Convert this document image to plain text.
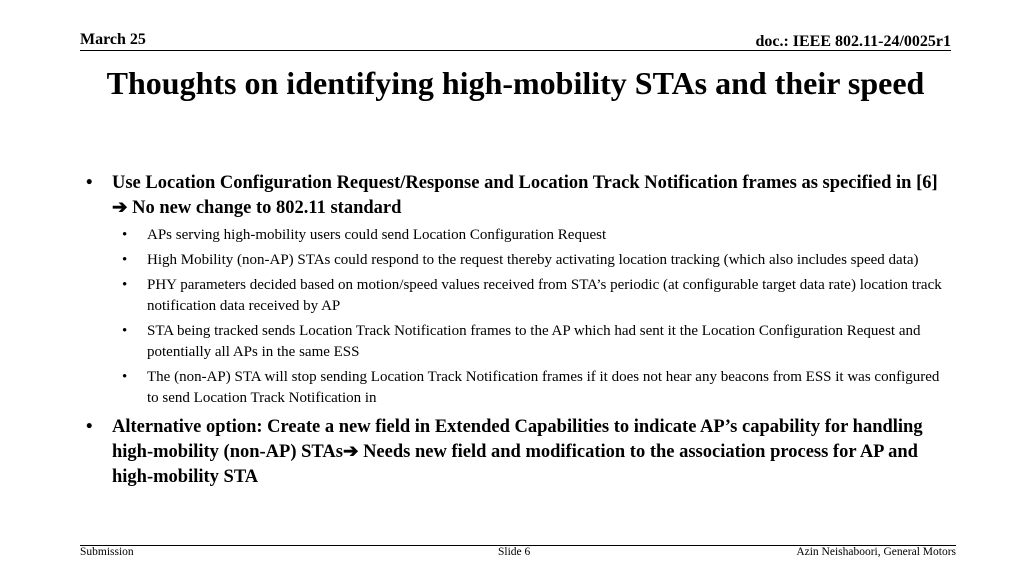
March 25	doc.: IEEE 802.11-24/0025r1
Thoughts on identifying high-mobility STAs and their speed
• Use Location Configuration Request/Response and Location Track Notification frames as specified in [6] ➔ No new change to 802.11 standard
• APs serving high-mobility users could send Location Configuration Request
• High Mobility (non-AP) STAs could respond to the request thereby activating location tracking (which also includes speed data)
• PHY parameters decided based on motion/speed values received from STA’s periodic (at configurable target data rate) location track notification data received by AP
• STA being tracked sends Location Track Notification frames to the AP which had sent it the Location Configuration Request and potentially all APs in the same ESS
• The (non-AP) STA will stop sending Location Track Notification frames if it does not hear any beacons from ESS it was configured to send Location Track Notification in
• Alternative option: Create a new field in Extended Capabilities to indicate AP’s capability for handling high-mobility (non-AP) STAs➔ Needs new field and modification to the association process for AP and high-mobility STA
Submission	Slide 6	Azin Neishaboori, General Motors
